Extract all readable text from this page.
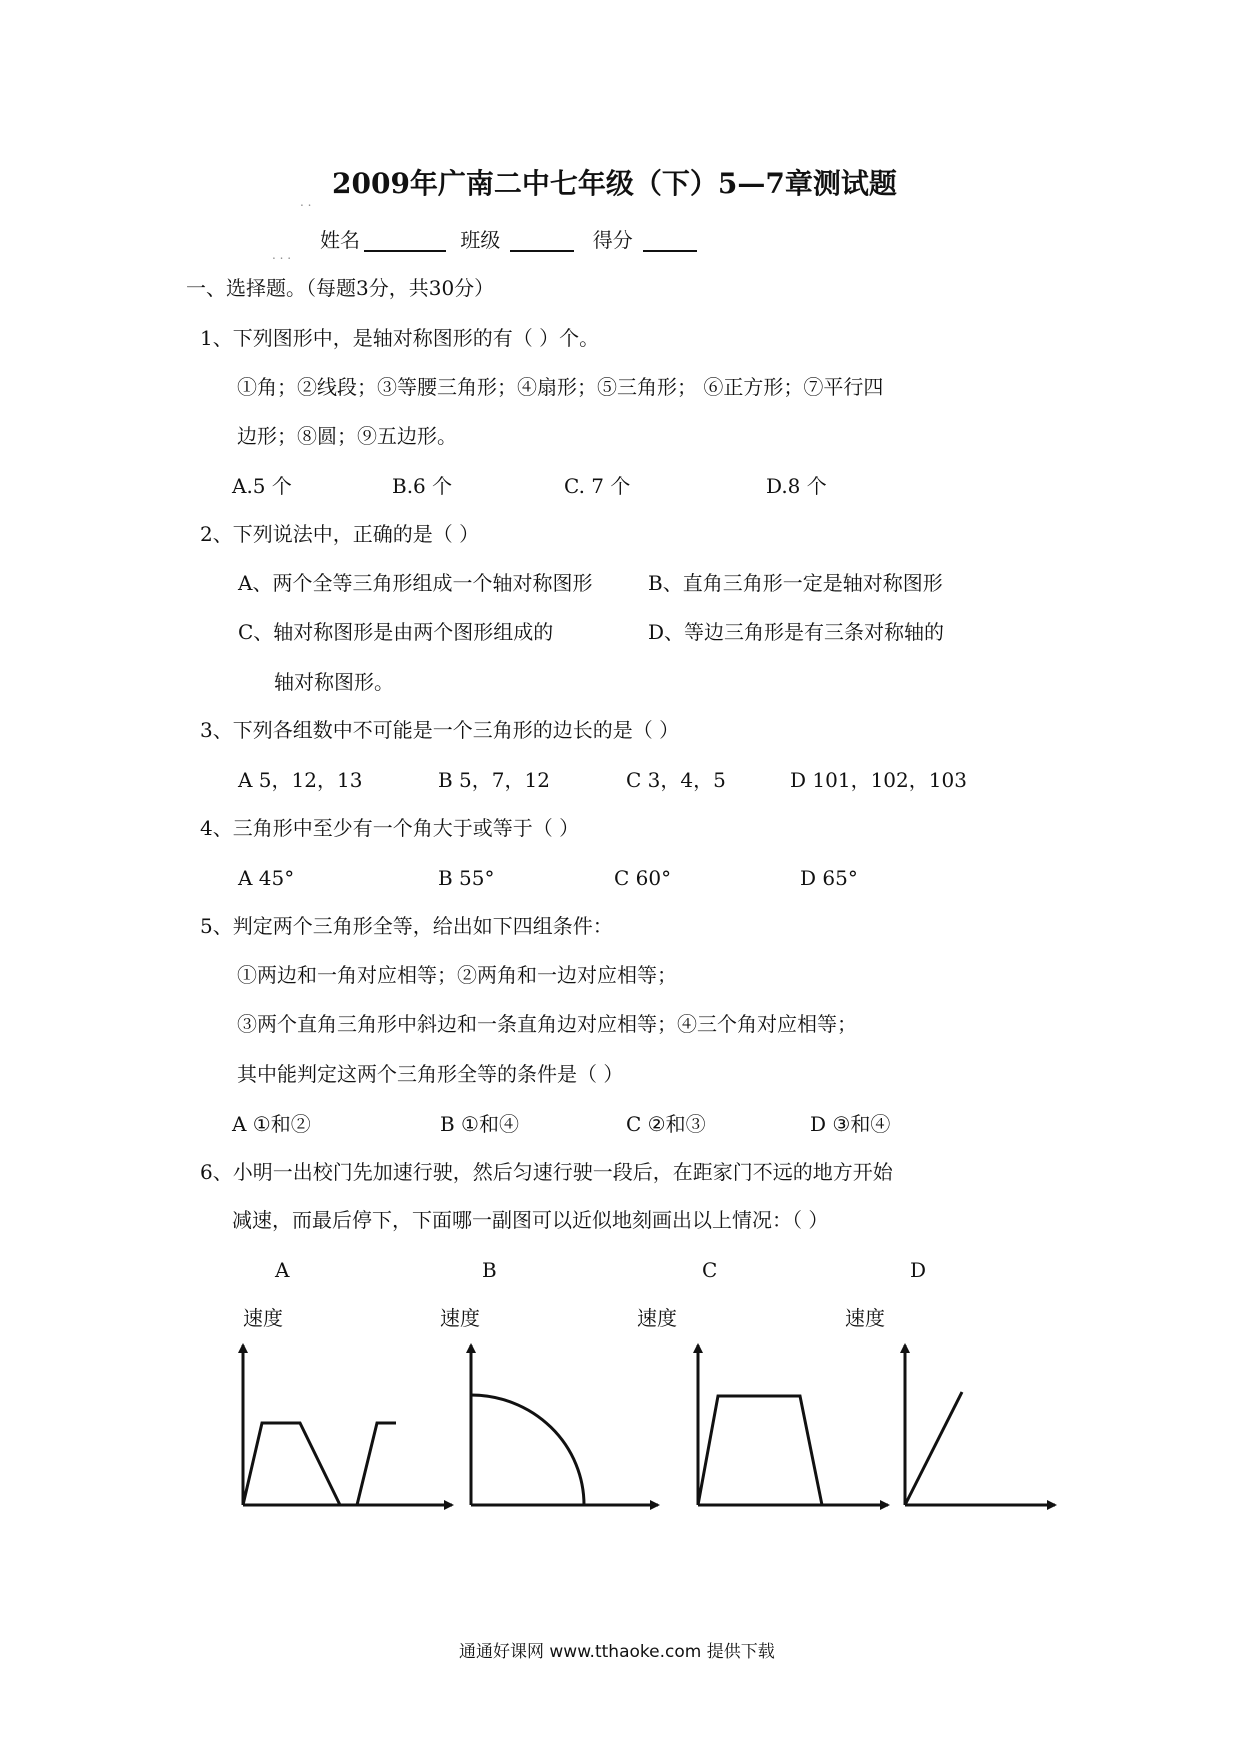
. .
2009年广南二中七年级（下）5—7章测试题
. . .
姓名	班级	得分
一、选择题。（每题3分，共30分）
1、下列图形中，是轴对称图形的有（ ）个。
①角；②线段；③等腰三角形；④扇形；⑤三角形； ⑥正方形；⑦平行四
边形；⑧圆；⑨五边形。
A.5 个	B.6 个	C. 7 个	D.8 个
2、下列说法中，正确的是（ ）
A、两个全等三角形组成一个轴对称图形	B、直角三角形一定是轴对称图形
C、轴对称图形是由两个图形组成的	D、等边三角形是有三条对称轴的
轴对称图形。
3、下列各组数中不可能是一个三角形的边长的是（ ）
A 5，12，13	B 5，7，12	C 3，4，5	D 101，102，103
4、三角形中至少有一个角大于或等于（ ）
A 45°	B 55°	C 60°	D 65°
5、判定两个三角形全等，给出如下四组条件：
①两边和一角对应相等；②两角和一边对应相等；
③两个直角三角形中斜边和一条直角边对应相等；④三个角对应相等；
其中能判定这两个三角形全等的条件是（ ）
A ①和②	B ①和④	C ②和③	D ③和④
6、小明一出校门先加速行驶，然后匀速行驶一段后，在距家门不远的地方开始
减速，而最后停下，下面哪一副图可以近似地刻画出以上情况：（ ）
A	B	C	D
速度	速度	速度	速度
通通好课网 www.tthaoke.com 提供下载
